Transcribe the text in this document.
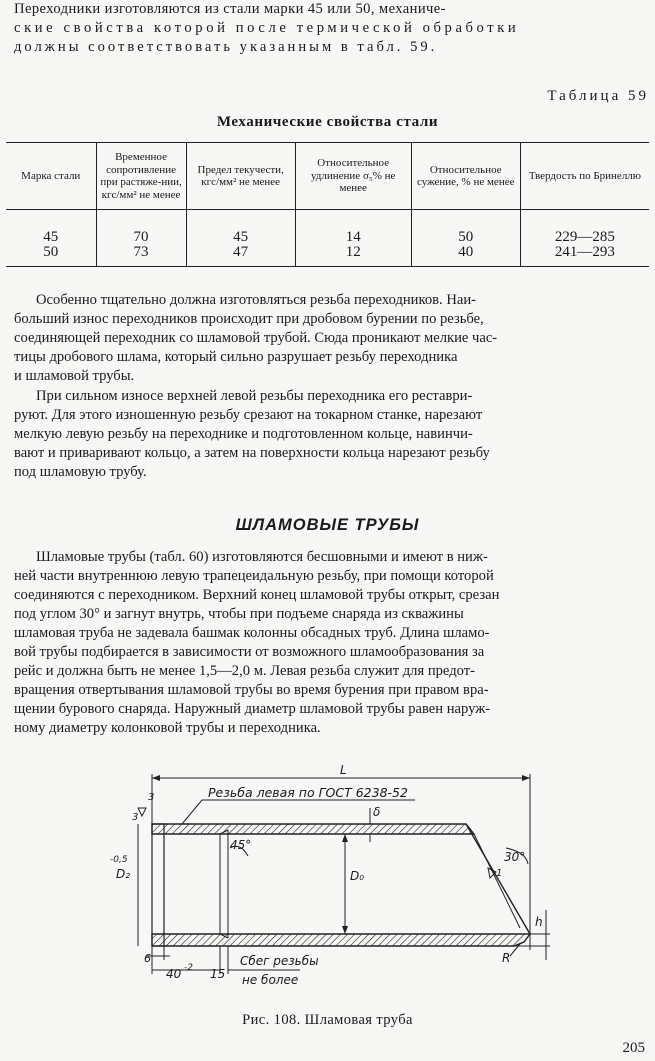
Переходники изготовляются из стали марки 45 или 50, механиче-
ские свойства которой после термической обработки
должны соответствовать указанным в табл. 59.
Таблица 59
Механические свойства стали
Марка стали	Временное сопротивление при растяже-нии, кгс/мм² не менее	Предел текучести, кгс/мм² не менее	Относительное удлинение σ₅% не менее	Относительное сужение, % не менее	Твердость по Бринеллю
45	70	45	14	50	229—285
50	73	47	12	40	241—293
Особенно тщательно должна изготовляться резьба переходников. Наи-
больший износ переходников происходит при дробовом бурении по резьбе,
соединяющей переходник со шламовой трубой. Сюда проникают мелкие час-
тицы дробового шлама, который сильно разрушает резьбу переходника
и шламовой трубы.
При сильном износе верхней левой резьбы переходника его реставри-
руют. Для этого изношенную резьбу срезают на токарном станке, нарезают
мелкую левую резьбу на переходнике и подготовленном кольце, навинчи-
вают и приваривают кольцо, а затем на поверхности кольца нарезают резьбу
под шламовую трубу.
ШЛАМОВЫЕ ТРУБЫ
Шламовые трубы (табл. 60) изготовляются бесшовными и имеют в ниж-
ней части внутреннюю левую трапецеидальную резьбу, при помощи которой
соединяются с переходником. Верхний конец шламовой трубы открыт, срезан
под углом 30° и загнут внутрь, чтобы при подъеме снаряда из скважины
шламовая труба не задевала башмак колонны обсадных труб. Длина шламо-
вой трубы подбирается в зависимости от возможного шламообразования за
рейс и должна быть не менее 1,5—2,0 м. Левая резьба служит для предот-
вращения отвертывания шламовой трубы во время бурения при правом вра-
щении бурового снаряда. Наружный диаметр шламовой трубы равен наруж-
ному диаметру колонковой трубы и переходника.
L
Резьба левая по ГОСТ 6238-52
45°
δ
D₀
D₂
-0,5
3
3
1
30°
h
R
6
40 -2 15
Сбег резьбы
не более
Рис. 108. Шламовая труба
205
